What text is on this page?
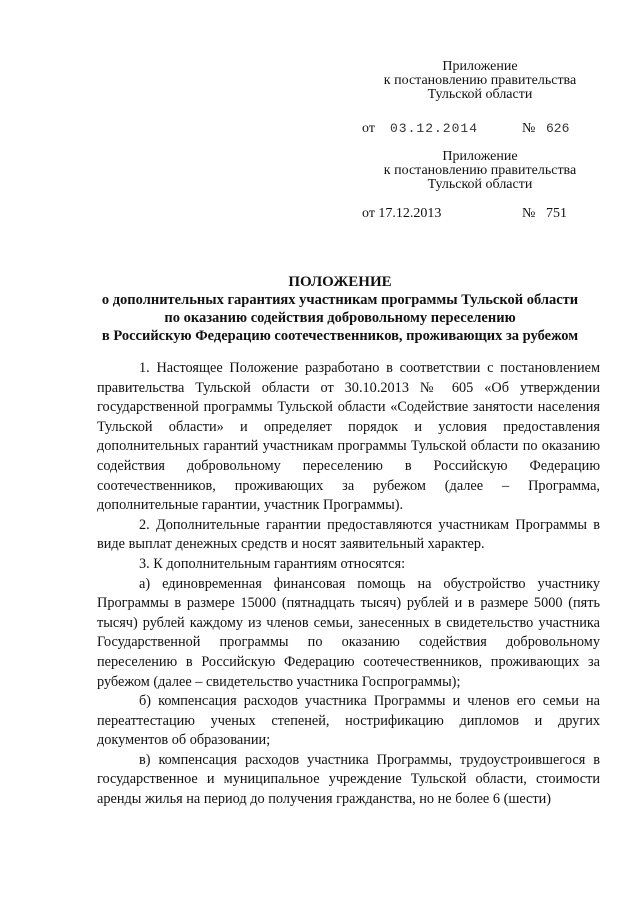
Приложение
к постановлению правительства
Тульской области
от 03.12.2014	№ 626
Приложение
к постановлению правительства
Тульской области
от 17.12.2013	№ 751
ПОЛОЖЕНИЕ
о дополнительных гарантиях участникам программы Тульской области
по оказанию содействия добровольному переселению
в Российскую Федерацию соотечественников, проживающих за рубежом

1. Настоящее Положение разработано в соответствии с постановлением правительства Тульской области от 30.10.2013 № 605 «Об утверждении государственной программы Тульской области «Содействие занятости населения Тульской области» и определяет порядок и условия предоставления дополнительных гарантий участникам программы Тульской области по оказанию содействия добровольному переселению в Российскую Федерацию соотечественников, проживающих за рубежом (далее – Программа, дополнительные гарантии, участник Программы).

2. Дополнительные гарантии предоставляются участникам Программы в виде выплат денежных средств и носят заявительный характер.

3. К дополнительным гарантиям относятся:

а) единовременная финансовая помощь на обустройство участнику Программы в размере 15000 (пятнадцать тысяч) рублей и в размере 5000 (пять тысяч) рублей каждому из членов семьи, занесенных в свидетельство участника Государственной программы по оказанию содействия добровольному переселению в Российскую Федерацию соотечественников, проживающих за рубежом (далее – свидетельство участника Госпрограммы);

б) компенсация расходов участника Программы и членов его семьи на переаттестацию ученых степеней, нострификацию дипломов и других документов об образовании;

в) компенсация расходов участника Программы, трудоустроившегося в государственное и муниципальное учреждение Тульской области, стоимости аренды жилья на период до получения гражданства, но не более 6 (шести)
